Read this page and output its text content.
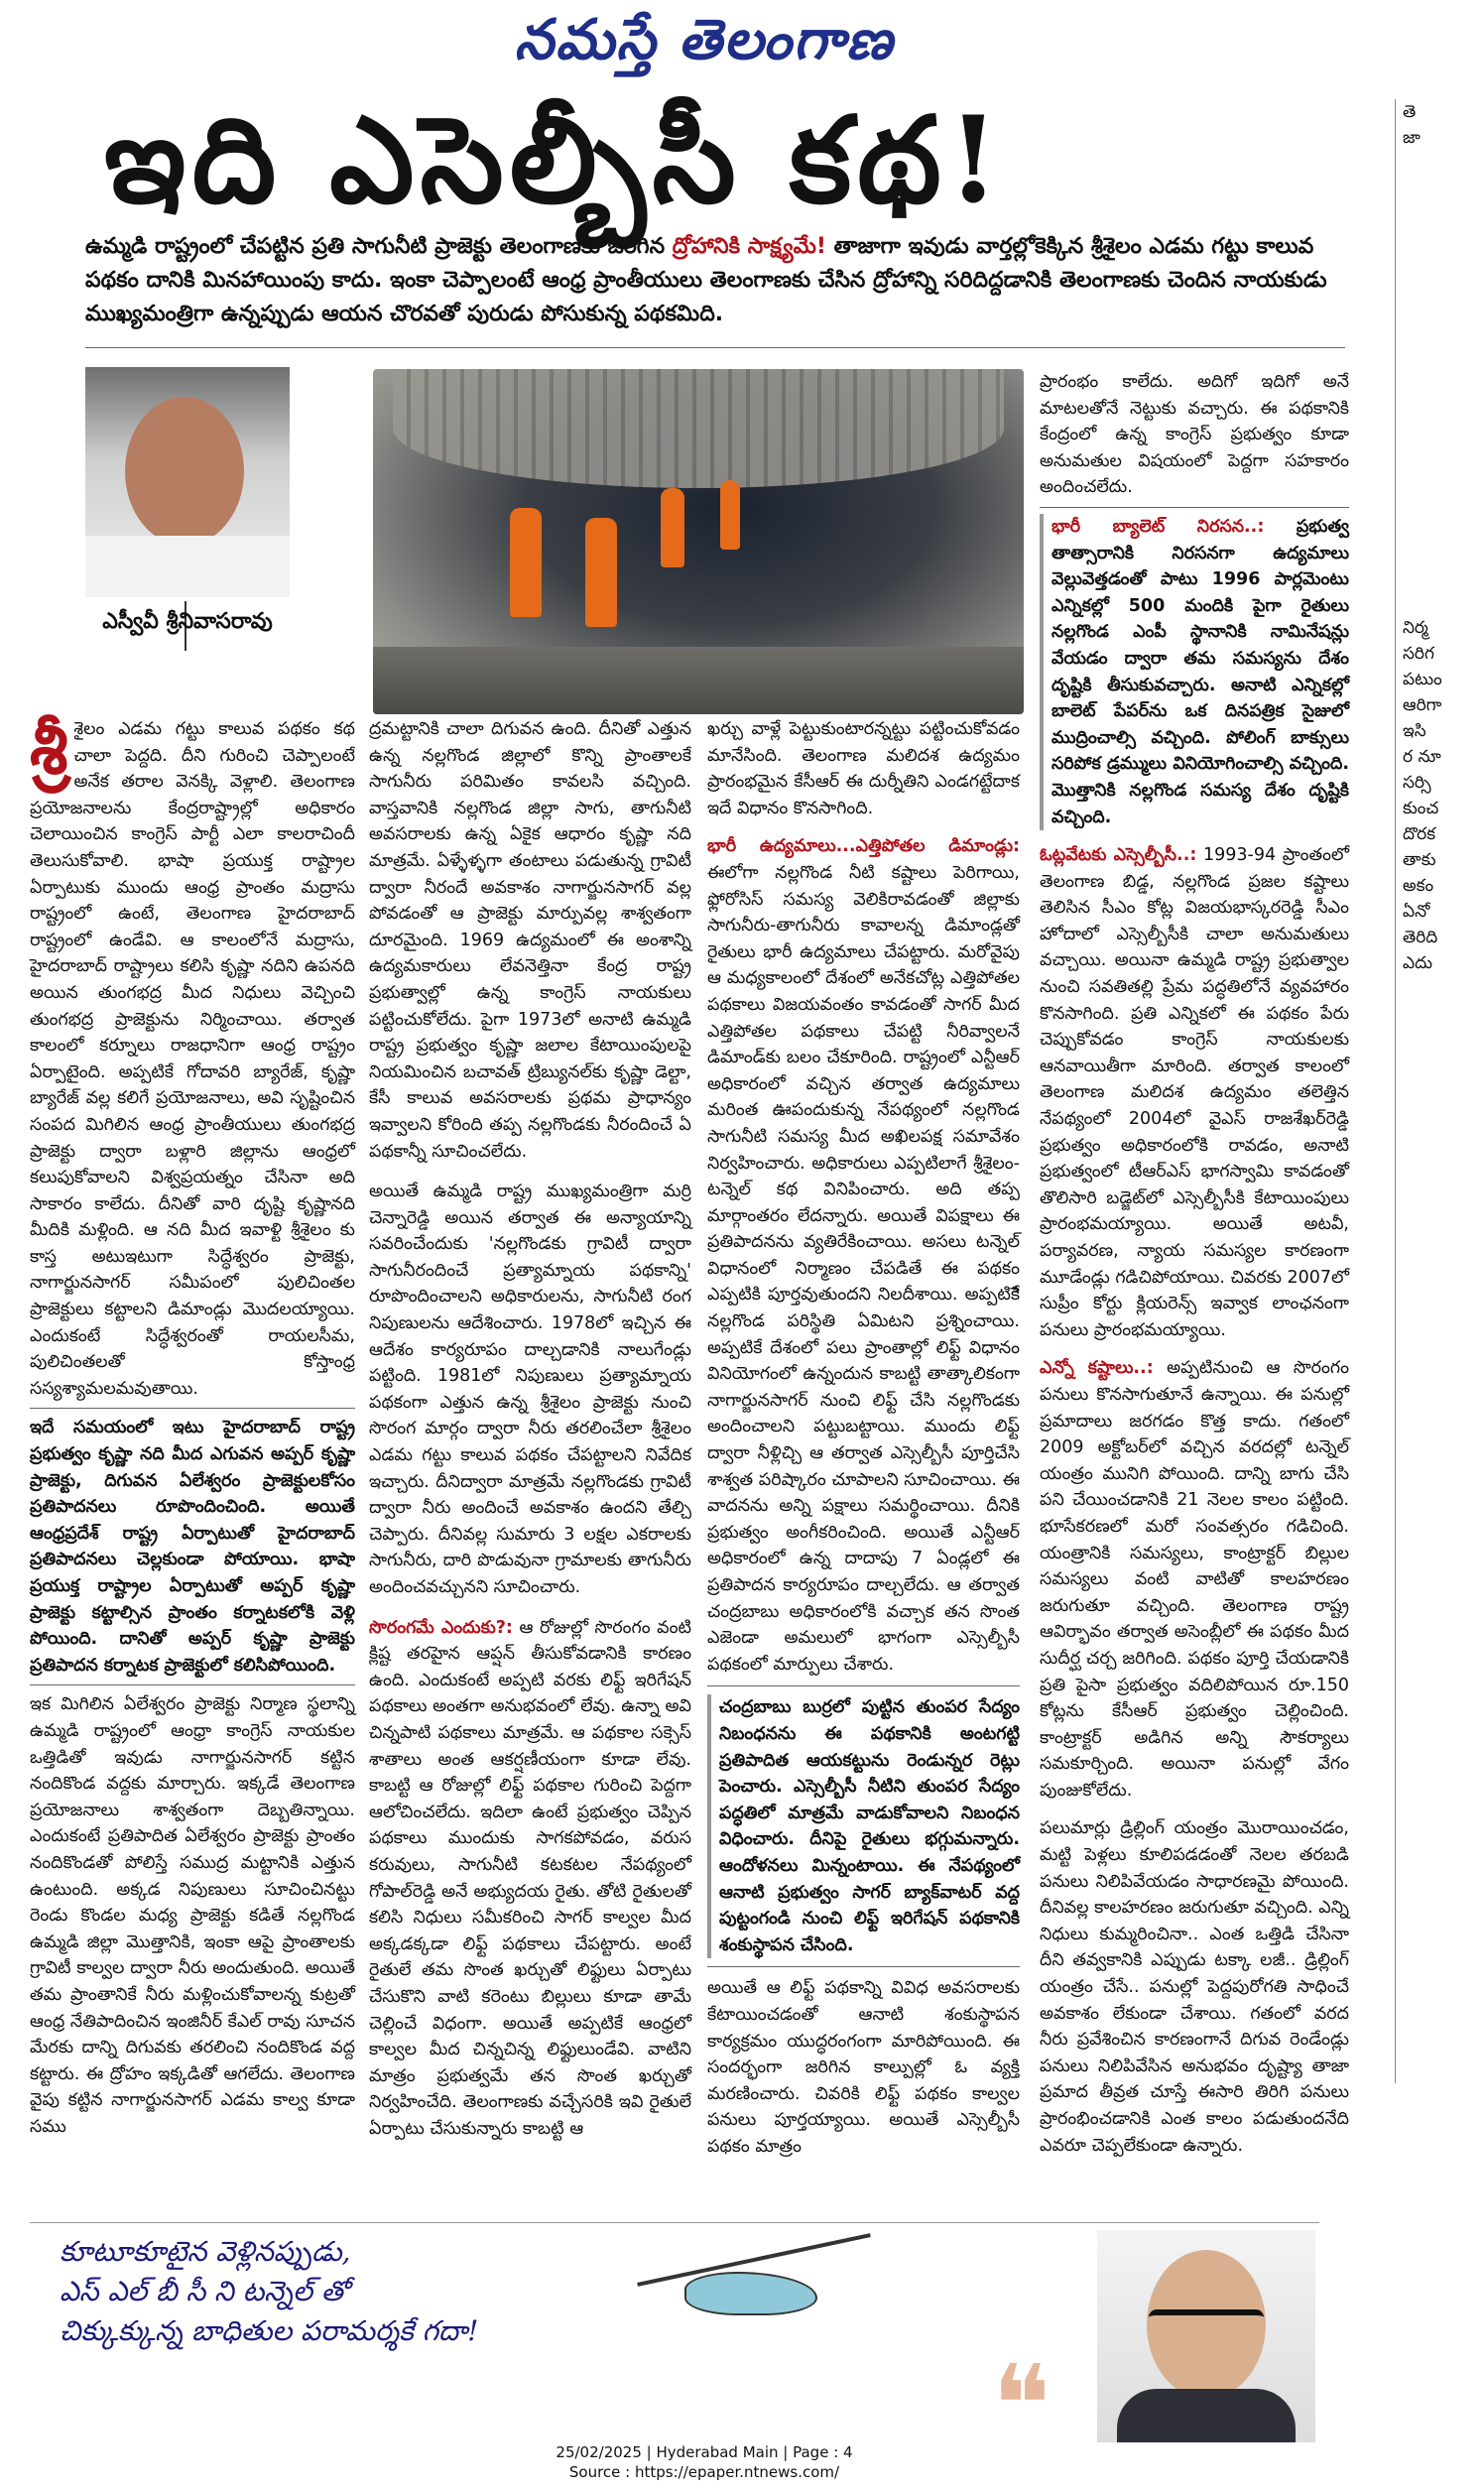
నమస్తే తెలంగాణ
ఇది ఎసెల్బీసీ కథ!
ఉమ్మడి రాష్ట్రంలో చేపట్టిన ప్రతి సాగునీటి ప్రాజెక్టు తెలంగాణకు జరిగిన ద్రోహానికి సాక్ష్యమే! తాజాగా ఇవుడు వార్తల్లోకెక్కిన శ్రీశైలం ఎడమ గట్టు కాలువ పథకం దానికి మినహాయింపు కాదు. ఇంకా చెప్పాలంటే ఆంధ్ర ప్రాంతీయులు తెలంగాణకు చేసిన ద్రోహాన్ని సరిదిద్దడానికి తెలంగాణకు చెందిన నాయకుడు ముఖ్యమంత్రిగా ఉన్నప్పుడు ఆయన చొరవతో పురుడు పోసుకున్న పథకమిది.
ఎస్వీవీ శ్రీనివాసరావు

శ్రీ శైలం ఎడమ గట్టు కాలువ పథకం కథ చాలా పెద్దది. దీని గురించి చెప్పాలంటే అనేక తరాల వెనక్కి వెళ్లాలి. తెలంగాణ ప్రయోజనాలను కేంద్రరాష్ట్రాల్లో అధికారం చెలాయించిన కాంగ్రెస్ పార్టీ ఎలా కాలరాచిందీ తెలుసుకోవాలి. భాషా ప్రయుక్త రాష్ట్రాల ఏర్పాటుకు ముందు ఆంధ్ర ప్రాంతం మద్రాసు రాష్ట్రంలో ఉంటే, తెలంగాణ హైదరాబాద్ రాష్ట్రంలో ఉండేవి. ఆ కాలంలోనే మద్రాసు, హైదరాబాద్ రాష్ట్రాలు కలిసి కృష్ణా నదిని ఉపనది అయిన తుంగభద్ర మీద నిధులు వెచ్చించి తుంగభద్ర ప్రాజెక్టును నిర్మించాయి. తర్వాత కాలంలో కర్నూలు రాజధానిగా ఆంధ్ర రాష్ట్రం ఏర్పాటైంది. అప్పటికే గోదావరి బ్యారేజ్, కృష్ణా బ్యారేజ్ వల్ల కలిగే ప్రయోజనాలు, అవి సృష్టించిన సంపద మిగిలిన ఆంధ్ర ప్రాంతీయులు తుంగభద్ర ప్రాజెక్టు ద్వారా బళ్లారి జిల్లాను ఆంధ్రలో కలుపుకోవాలని విశ్వప్రయత్నం చేసినా అది సాకారం కాలేదు. దీనితో వారి దృష్టి కృష్ణానది మీదికి మళ్లింది. ఆ నది మీద ఇవాళ్టి శ్రీశైలం కు కాస్త అటుఇటుగా సిద్ధేశ్వరం ప్రాజెక్టు, నాగార్జునసాగర్ సమీపంలో పులిచింతల ప్రాజెక్టులు కట్టాలని డిమాండ్లు మొదలయ్యాయి. ఎందుకంటే సిద్ధేశ్వరంతో రాయలసీమ, పులిచింతలతో కోస్తాంధ్ర సస్యశ్యామలమవుతాయి.

ఇదే సమయంలో ఇటు హైదరాబాద్ రాష్ట్ర ప్రభుత్వం కృష్ణా నది మీద ఎగువన అప్పర్ కృష్ణా ప్రాజెక్టు, దిగువన ఏలేశ్వరం ప్రాజెక్టులకోసం ప్రతిపాదనలు రూపొందించింది. అయితే ఆంధ్రప్రదేశ్ రాష్ట్ర ఏర్పాటుతో హైదరాబాద్ ప్రతిపాదనలు చెల్లకుండా పోయాయి. భాషా ప్రయుక్త రాష్ట్రాల ఏర్పాటుతో అప్పర్ కృష్ణా ప్రాజెక్టు కట్టాల్సిన ప్రాంతం కర్నాటకలోకి వెళ్లి పోయింది. దానితో అప్పర్ కృష్ణా ప్రాజెక్టు ప్రతిపాదన కర్నాటక ప్రాజెక్టులో కలిసిపోయింది.

ఇక మిగిలిన ఏలేశ్వరం ప్రాజెక్టు నిర్మాణ స్థలాన్ని ఉమ్మడి రాష్ట్రంలో ఆంధ్రా కాంగ్రెస్ నాయకుల ఒత్తిడితో ఇవుడు నాగార్జునసాగర్ కట్టిన నందికొండ వద్దకు మార్చారు. ఇక్కడే తెలంగాణ ప్రయోజనాలు శాశ్వతంగా దెబ్బతిన్నాయి. ఎందుకంటే ప్రతిపాదిత ఏలేశ్వరం ప్రాజెక్టు ప్రాంతం నందికొండతో పోలిస్తే సముద్ర మట్టానికి ఎత్తున ఉంటుంది. అక్కడ నిపుణులు సూచించినట్టు రెండు కొండల మధ్య ప్రాజెక్టు కడితే నల్లగొండ ఉమ్మడి జిల్లా మొత్తానికి, ఇంకా ఆపై ప్రాంతాలకు గ్రావిటీ కాల్వల ద్వారా నీరు అందుతుంది. అయితే తమ ప్రాంతానికే నీరు మళ్లించుకోవాలన్న కుట్రతో ఆంధ్ర నేతిపాదించిన ఇంజినీర్ కేఎల్ రావు సూచన మేరకు దాన్ని దిగువకు తరలించి నందికొండ వద్ద కట్టారు. ఈ ద్రోహం ఇక్కడితో ఆగలేదు. తెలంగాణ వైపు కట్టిన నాగార్జునసాగర్ ఎడమ కాల్వ కూడా సము

ద్రమట్టానికి చాలా దిగువన ఉంది. దీనితో ఎత్తున ఉన్న నల్లగొండ జిల్లాలో కొన్ని ప్రాంతాలకే సాగునీరు పరిమితం కావలసి వచ్చింది. వాస్తవానికి నల్లగొండ జిల్లా సాగు, తాగునీటి అవసరాలకు ఉన్న ఏకైక ఆధారం కృష్ణా నది మాత్రమే. ఏళ్ళేళ్ళగా తంటాలు పడుతున్న గ్రావిటీ ద్వారా నీరందే అవకాశం నాగార్జునసాగర్ వల్ల పోవడంతో ఆ ప్రాజెక్టు మార్పువల్ల శాశ్వతంగా దూరమైంది. 1969 ఉద్యమంలో ఈ అంశాన్ని ఉద్యమకారులు లేవనెత్తినా కేంద్ర రాష్ట్ర ప్రభుత్వాల్లో ఉన్న కాంగ్రెస్ నాయకులు పట్టించుకోలేదు. పైగా 1973లో అనాటి ఉమ్మడి రాష్ట్ర ప్రభుత్వం కృష్ణా జలాల కేటాయింపులపై నియమించిన బచావత్ ట్రిబ్యునల్‌కు కృష్ణా డెల్టా, కేసీ కాలువ అవసరాలకు ప్రథమ ప్రాధాన్యం ఇవ్వాలని కోరింది తప్ప నల్లగొండకు నీరందించే ఏ పథకాన్నీ సూచించలేదు.

అయితే ఉమ్మడి రాష్ట్ర ముఖ్యమంత్రిగా మర్రి చెన్నారెడ్డి అయిన తర్వాత ఈ అన్యాయాన్ని సవరించేందుకు 'నల్లగొండకు గ్రావిటీ ద్వారా సాగునీరందించే ప్రత్యామ్నాయ పథకాన్ని' రూపొందించాలని అధికారులను, సాగునీటి రంగ నిపుణులను ఆదేశించారు. 1978లో ఇచ్చిన ఈ ఆదేశం కార్యరూపం దాల్చడానికి నాలుగేండ్లు పట్టింది. 1981లో నిపుణులు ప్రత్యామ్నాయ పథకంగా ఎత్తున ఉన్న శ్రీశైలం ప్రాజెక్టు నుంచి సొరంగ మార్గం ద్వారా నీరు తరలించేలా శ్రీశైలం ఎడమ గట్టు కాలువ పథకం చేపట్టాలని నివేదిక ఇచ్చారు. దీనిద్వారా మాత్రమే నల్లగొండకు గ్రావిటీ ద్వారా నీరు అందించే అవకాశం ఉందని తేల్చి చెప్పారు. దీనివల్ల సుమారు 3 లక్షల ఎకరాలకు సాగునీరు, దారి పొడువునా గ్రామాలకు తాగునీరు అందించవచ్చునని సూచించారు.

సొరంగమే ఎందుకు?: ఆ రోజుల్లో సొరంగం వంటి క్లిష్ట తరహైన ఆప్షన్ తీసుకోవడానికి కారణం ఉంది. ఎందుకంటే అప్పటి వరకు లిఫ్ట్ ఇరిగేషన్ పథకాలు అంతగా అనుభవంలో లేవు. ఉన్నా అవి చిన్నపాటి పథకాలు మాత్రమే. ఆ పథకాల సక్సెస్ శాతాలు అంత ఆకర్షణీయంగా కూడా లేవు. కాబట్టి ఆ రోజుల్లో లిఫ్ట్ పథకాల గురించి పెద్దగా ఆలోచించలేదు. ఇదిలా ఉంటే ప్రభుత్వం చెప్పిన పథకాలు ముందుకు సాగకపోవడం, వరుస కరువులు, సాగునీటి కటకటల నేపథ్యంలో గోపాల్‌రెడ్డి అనే అభ్యుదయ రైతు. తోటి రైతులతో కలిసి నిధులు సమీకరించి సాగర్ కాల్వల మీద అక్కడక్కడా లిఫ్ట్ పథకాలు చేపట్టారు. అంటే రైతులే తమ సొంత ఖర్చుతో లిఫ్టులు ఏర్పాటు చేసుకొని వాటి కరెంటు బిల్లులు కూడా తామే చెల్లించే విధంగా. అయితే అప్పటికే ఆంధ్రలో కాల్వల మీద చిన్నచిన్న లిఫ్టులుండేవి. వాటిని మాత్రం ప్రభుత్వమే తన సొంత ఖర్చుతో నిర్వహించేది. తెలంగాణకు వచ్చేసరికి ఇవి రైతులే ఏర్పాటు చేసుకున్నారు కాబట్టి ఆ

ఖర్చు వాళ్లే పెట్టుకుంటారన్నట్టు పట్టించుకోవడం మానేసింది. తెలంగాణ మలిదశ ఉద్యమం ప్రారంభమైన కేసీఆర్ ఈ దుర్నీతిని ఎండగట్టేదాక ఇదే విధానం కొనసాగింది.

భారీ ఉద్యమాలు...ఎత్తిపోతల డిమాండ్లు: ఈలోగా నల్లగొండ నీటి కష్టాలు పెరిగాయి, ఫ్లోరోసిస్ సమస్య వెలికిరావడంతో జిల్లాకు సాగునీరు-తాగునీరు కావాలన్న డిమాండ్లతో రైతులు భారీ ఉద్యమాలు చేపట్టారు. మరోవైపు ఆ మధ్యకాలంలో దేశంలో అనేకచోట్ల ఎత్తిపోతల పథకాలు విజయవంతం కావడంతో సాగర్ మీద ఎత్తిపోతల పథకాలు చేపట్టి నీరివ్వాలనే డిమాండ్‌కు బలం చేకూరింది. రాష్ట్రంలో ఎన్టీఆర్ అధికారంలో వచ్చిన తర్వాత ఉద్యమాలు మరింత ఊపందుకున్న నేపథ్యంలో నల్లగొండ సాగునీటి సమస్య మీద అఖిలపక్ష సమావేశం నిర్వహించారు. అధికారులు ఎప్పటిలాగే శ్రీశైలం- టన్నెల్ కథ వినిపించారు. అది తప్ప మార్గాంతరం లేదన్నారు. అయితే విపక్షాలు ఈ ప్రతిపాదనను వ్యతిరేకించాయి. అసలు టన్నెల్ విధానంలో నిర్మాణం చేపడితే ఈ పథకం ఎప్పటికి పూర్తవుతుందని నిలదీశాయి. అప్పటికిే నల్లగొండ పరిస్థితి ఏమిటని ప్రశ్నించాయి. అప్పటికే దేశంలో పలు ప్రాంతాల్లో లిఫ్ట్ విధానం వినియోగంలో ఉన్నందున కాబట్టి తాత్కాలికంగా నాగార్జునసాగర్ నుంచి లిఫ్ట్ చేసి నల్లగొండకు అందించాలని పట్టుబట్టాయి. ముందు లిఫ్ట్ ద్వారా నీళ్లిచ్చి ఆ తర్వాత ఎస్సెల్బీసీ పూర్తిచేసి శాశ్వత పరిష్కారం చూపాలని సూచించాయి. ఈ వాదనను అన్ని పక్షాలు సమర్థించాయి. దీనికి ప్రభుత్వం అంగీకరించింది. అయితే ఎన్టీఆర్ అధికారంలో ఉన్న దాదాపు 7 ఏండ్లలో ఈ ప్రతిపాదన కార్యరూపం దాల్చలేదు. ఆ తర్వాత చంద్రబాబు అధికారంలోకి వచ్చాక తన సొంత ఎజెండా అమలులో భాగంగా ఎస్సెల్బీసీ పథకంలో మార్పులు చేశారు.

చంద్రబాబు బుర్రలో పుట్టిన తుంపర సేద్యం నిబంధనను ఈ పథకానికి అంటగట్టి ప్రతిపాదిత ఆయకట్టును రెండున్నర రెట్లు పెంచారు. ఎస్సెల్బీసీ నీటిని తుంపర సేద్యం పద్ధతిలో మాత్రమే వాడుకోవాలని నిబంధన విధించారు. దీనిపై రైతులు భగ్గుమన్నారు. ఆందోళనలు మిన్నంటాయి. ఈ నేపథ్యంలో ఆనాటి ప్రభుత్వం సాగర్ బ్యాక్‌వాటర్ వద్ద పుట్టంగండి నుంచి లిఫ్ట్ ఇరిగేషన్ పథకానికి శంకుస్థాపన చేసింది.

అయితే ఆ లిఫ్ట్ పథకాన్ని వివిధ అవసరాలకు కేటాయించడంతో ఆనాటి శంకుస్థాపన కార్యక్రమం యుద్ధరంగంగా మారిపోయింది. ఈ సందర్భంగా జరిగిన కాల్పుల్లో ఓ వ్యక్తి మరణించారు. చివరికి లిఫ్ట్ పథకం కాల్వల పనులు పూర్తయ్యాయి. అయితే ఎస్సెల్బీసీ పథకం మాత్రం

ప్రారంభం కాలేదు. అదిగో ఇదిగో అనే మాటలతోనే నెట్టుకు వచ్చారు. ఈ పథకానికి కేంద్రంలో ఉన్న కాంగ్రెస్ ప్రభుత్వం కూడా అనుమతుల విషయంలో పెద్దగా సహకారం అందించలేదు.

భారీ బ్యాలెట్ నిరసన..: ప్రభుత్వ తాత్సారానికి నిరసనగా ఉద్యమాలు వెల్లువెత్తడంతో పాటు 1996 పార్లమెంటు ఎన్నికల్లో 500 మందికి పైగా రైతులు నల్లగొండ ఎంపీ స్థానానికి నామినేషన్లు వేయడం ద్వారా తమ సమస్యను దేశం దృష్టికి తీసుకువచ్చారు. అనాటి ఎన్నికల్లో బాలెట్ పేపర్‌ను ఒక దినపత్రిక సైజులో ముద్రించాల్సి వచ్చింది. పోలింగ్ బాక్సులు సరిపోక డ్రమ్ములు వినియోగించాల్సి వచ్చింది. మొత్తానికి నల్లగొండ సమస్య దేశం దృష్టికి వచ్చింది.

ఓట్లవేటకు ఎస్సెల్బీసీ..: 1993-94 ప్రాంతంలో తెలంగాణ బిడ్డ, నల్లగొండ ప్రజల కష్టాలు తెలిసిన సీఎం కోట్ల విజయభాస్కరరెడ్డి సీఎం హోదాలో ఎస్సెల్బీసీకి చాలా అనుమతులు వచ్చాయి. అయినా ఉమ్మడి రాష్ట్ర ప్రభుత్వాల నుంచి సవతితల్లి ప్రేమ పద్ధతిలోనే వ్యవహారం కొనసాగింది. ప్రతి ఎన్నికలో ఈ పథకం పేరు చెప్పుకోవడం కాంగ్రెస్ నాయకులకు ఆనవాయితీగా మారింది. తర్వాత కాలంలో తెలంగాణ మలిదశ ఉద్యమం తలెత్తిన నేపథ్యంలో 2004లో వైఎస్ రాజశేఖర్‌రెడ్డి ప్రభుత్వం అధికారంలోకి రావడం, అనాటి ప్రభుత్వంలో టీఆర్ఎస్ భాగస్వామి కావడంతో తొలిసారి బడ్జెట్‌లో ఎస్సెల్బీసీకి కేటాయింపులు ప్రారంభమయ్యాయి. అయితే అటవీ, పర్యావరణ, న్యాయ సమస్యల కారణంగా మూడేండ్లు గడిచిపోయాయి. చివరకు 2007లో సుప్రీం కోర్టు క్లియరెన్స్ ఇవ్వాక లాంఛనంగా పనులు ప్రారంభమయ్యాయి.

ఎన్నో కష్టాలు..: అప్పటినుంచి ఆ సొరంగం పనులు కొనసాగుతూనే ఉన్నాయి. ఈ పనుల్లో ప్రమాదాలు జరగడం కొత్త కాదు. గతంలో 2009 అక్టోబర్‌లో వచ్చిన వరదల్లో టన్నెల్ యంత్రం మునిగి పోయింది. దాన్ని బాగు చేసి పని చేయించడానికి 21 నెలల కాలం పట్టింది. భూసేకరణలో మరో సంవత్సరం గడిచింది. యంత్రానికి సమస్యలు, కాంట్రాక్టర్ బిల్లుల సమస్యలు వంటి వాటితో కాలహరణం జరుగుతూ వచ్చింది. తెలంగాణ రాష్ట్ర ఆవిర్భావం తర్వాత అసెంబ్లీలో ఈ పథకం మీద సుదీర్ఘ చర్చ జరిగింది. పథకం పూర్తి చేయడానికి ప్రతి పైసా ప్రభుత్వం వదిలిపోయిన రూ.150 కోట్లను కేసీఆర్ ప్రభుత్వం చెల్లించింది. కాంట్రాక్టర్ అడిగిన అన్ని సౌకర్యాలు సమకూర్చింది. అయినా పనుల్లో వేగం పుంజుకోలేదు.

పలుమార్లు డ్రిల్లింగ్ యంత్రం మొరాయించడం, మట్టి పెళ్లలు కూలిపడడంతో నెలల తరబడి పనులు నిలిపివేయడం సాధారణమై పోయింది. దీనివల్ల కాలహరణం జరుగుతూ వచ్చింది. ఎన్ని నిధులు కుమ్మరించినా.. ఎంత ఒత్తిడి చేసినా దీని తవ్వకానికి ఎప్పుడు టక్కా లజీ.. డ్రిల్లింగ్ యంత్రం చేసే.. పనుల్లో పెద్దపురోగతి సాధించే అవకాశం లేకుండా చేశాయి. గతంలో వరద నీరు ప్రవేశించిన కారణంగానే దిగువ రెండేండ్లు పనులు నిలిపివేసిన అనుభవం దృష్ట్యా తాజా ప్రమాద తీవ్రత చూస్తే ఈసారి తిరిగి పనులు ప్రారంభించడానికి ఎంత కాలం పడుతుందనేది ఎవరూ చెప్పలేకుండా ఉన్నారు.

కూటూకూటైన వెళ్లినప్పుడు,
ఎస్ ఎల్ బీ సీ ని టన్నెల్ తో
చిక్కుక్కున్న బాధితుల పరామర్శకే గదా!
❝
25/02/2025 | Hyderabad Main | Page : 4
Source : https://epaper.ntnews.com/
తె
జా

నిర్మ
సరిగ
పటుం
ఆరిగా
ఇసి
ర నూ
సర్సి
కుంచ
దొరక
తాకు
అకం
ఏనో
తెరిది
ఎదు
